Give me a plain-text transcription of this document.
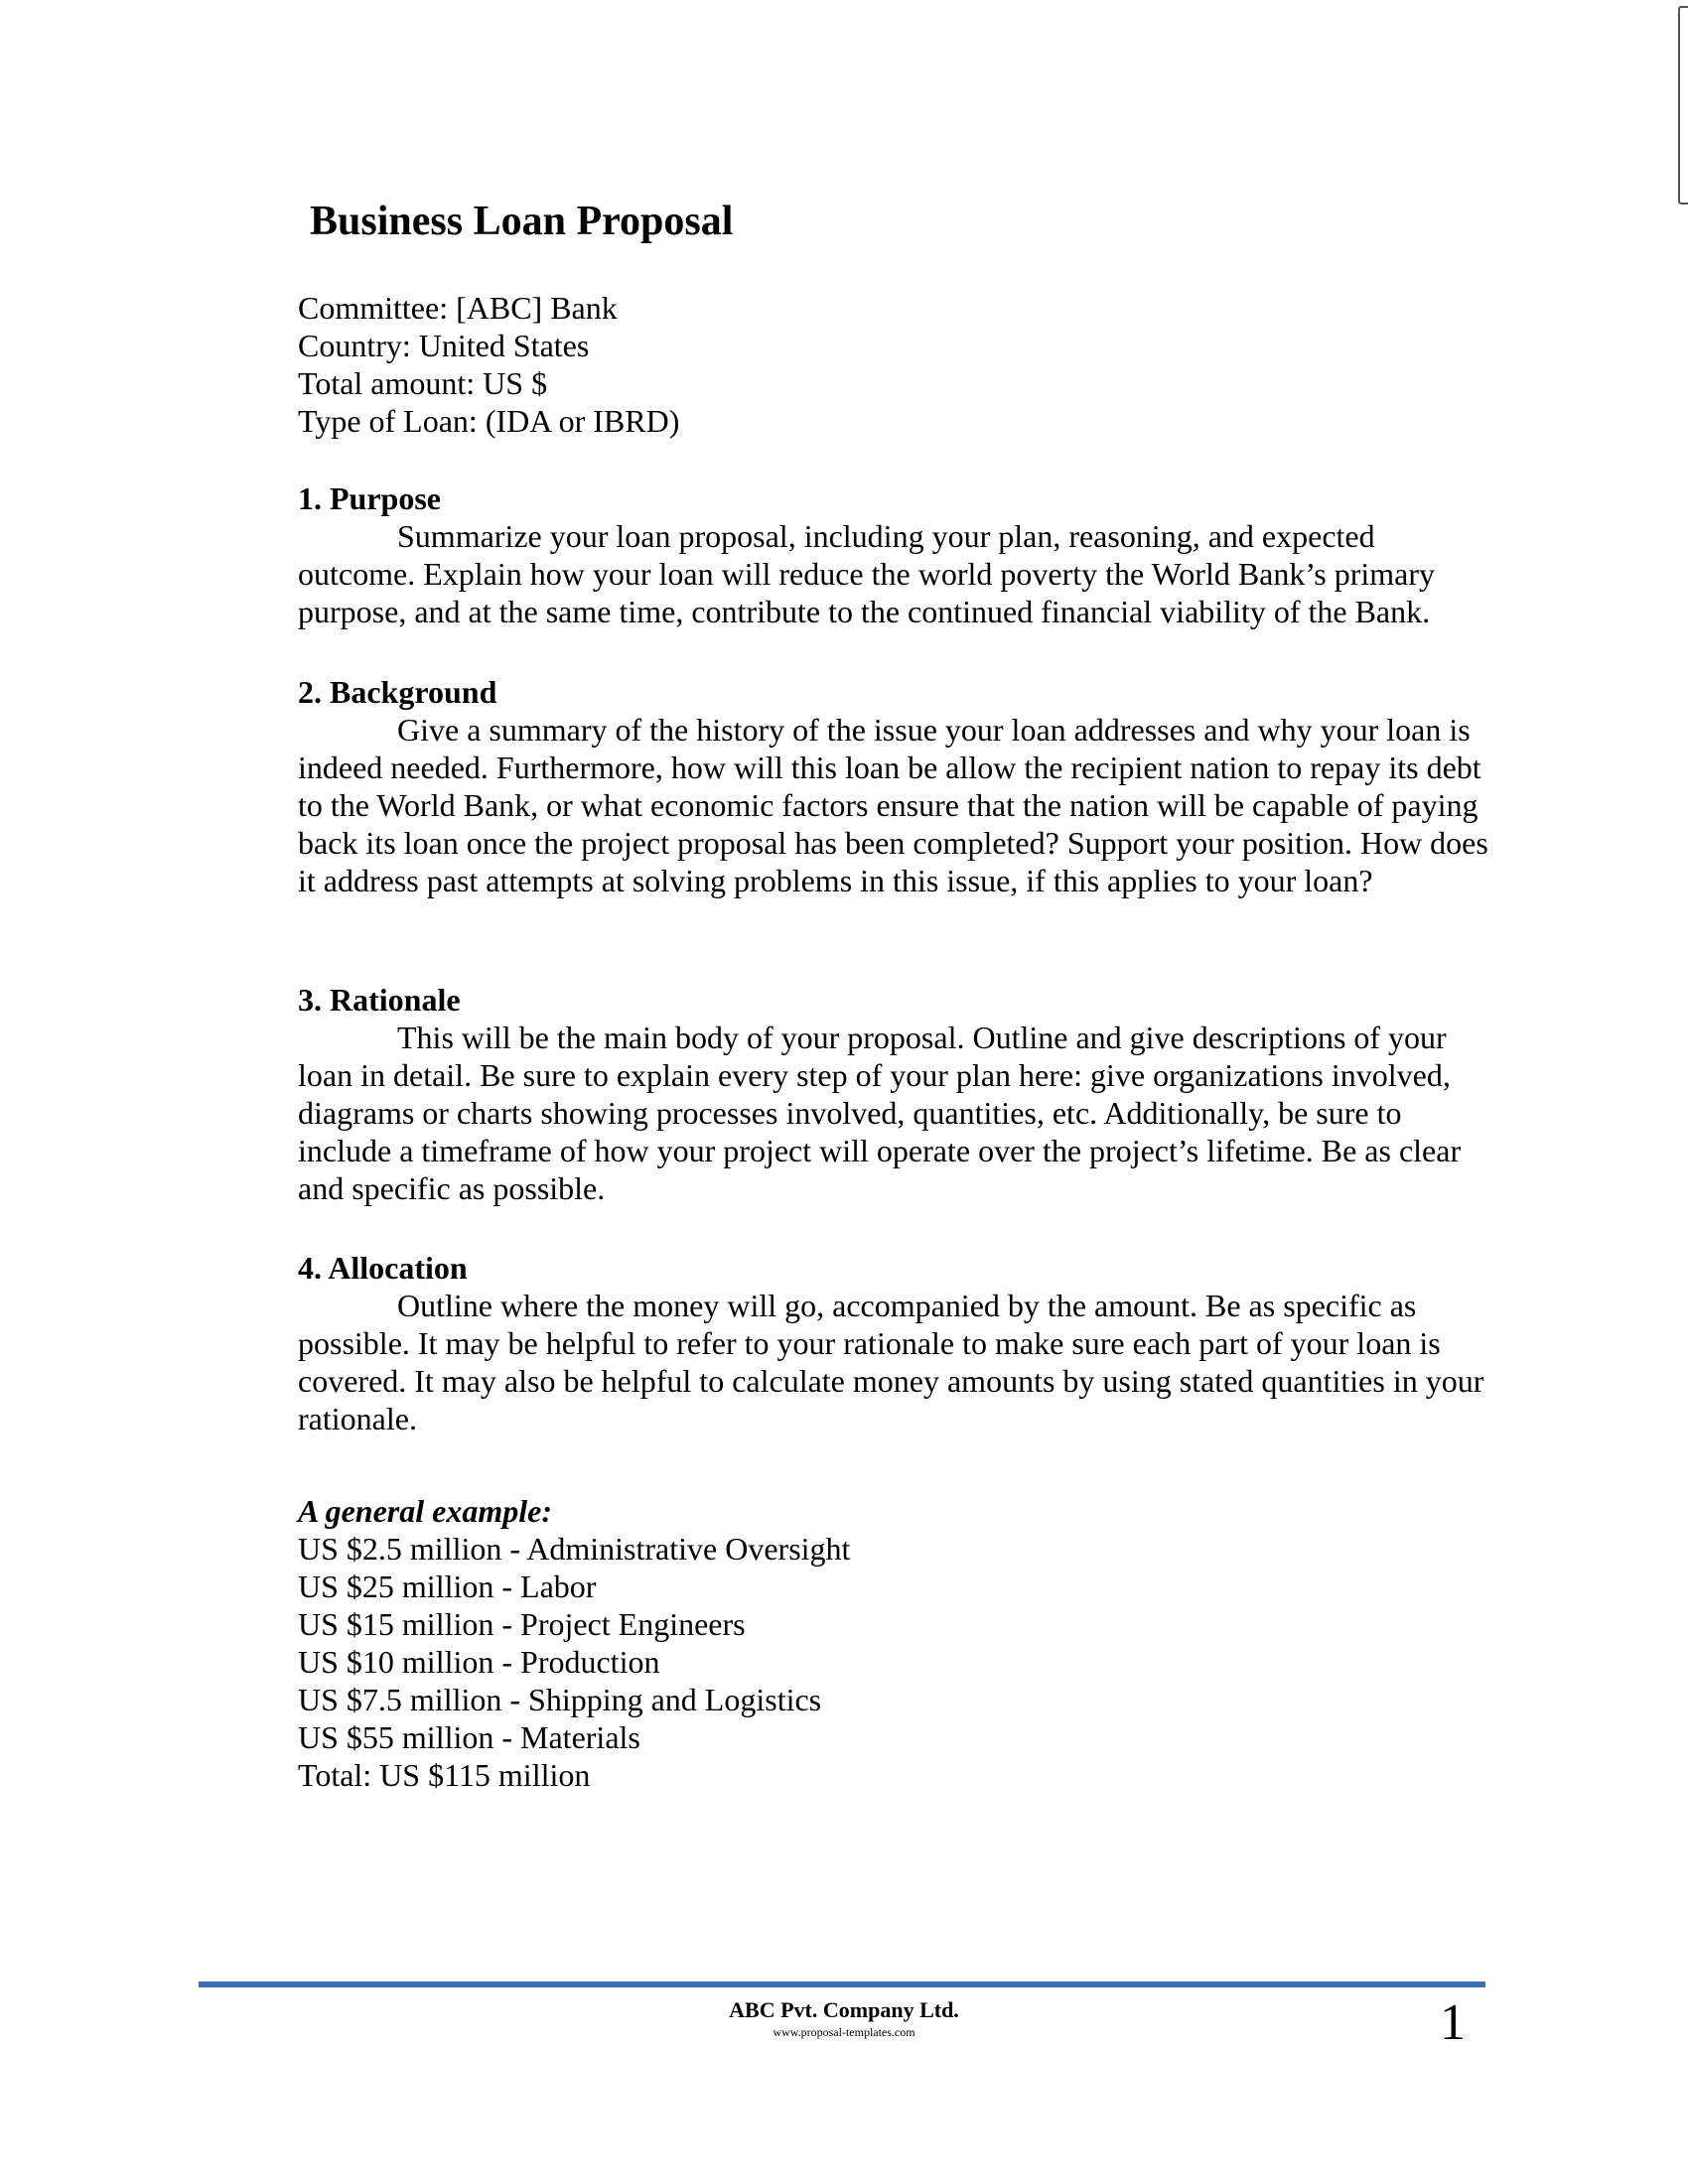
Business Loan Proposal
Committee: [ABC] Bank
Country: United States
Total amount: US $
Type of Loan: (IDA or IBRD)
1. Purpose

Summarize your loan proposal, including your plan, reasoning, and expected outcome. Explain how your loan will reduce the world poverty the World Bank’s primary purpose, and at the same time, contribute to the continued financial viability of the Bank.

2. Background

Give a summary of the history of the issue your loan addresses and why your loan is indeed needed. Furthermore, how will this loan be allow the recipient nation to repay its debt to the World Bank, or what economic factors ensure that the nation will be capable of paying back its loan once the project proposal has been completed? Support your position. How does it address past attempts at solving problems in this issue, if this applies to your loan?

3. Rationale

This will be the main body of your proposal. Outline and give descriptions of your loan in detail. Be sure to explain every step of your plan here: give organizations involved, diagrams or charts showing processes involved, quantities, etc. Additionally, be sure to include a timeframe of how your project will operate over the project’s lifetime. Be as clear and specific as possible.

4. Allocation

Outline where the money will go, accompanied by the amount. Be as specific as possible. It may be helpful to refer to your rationale to make sure each part of your loan is covered. It may also be helpful to calculate money amounts by using stated quantities in your rationale.

A general example:
US $2.5 million - Administrative Oversight
US $25 million - Labor
US $15 million - Project Engineers
US $10 million - Production
US $7.5 million - Shipping and Logistics
US $55 million - Materials
Total: US $115 million
ABC Pvt. Company Ltd.
www.proposal-templates.com	1
